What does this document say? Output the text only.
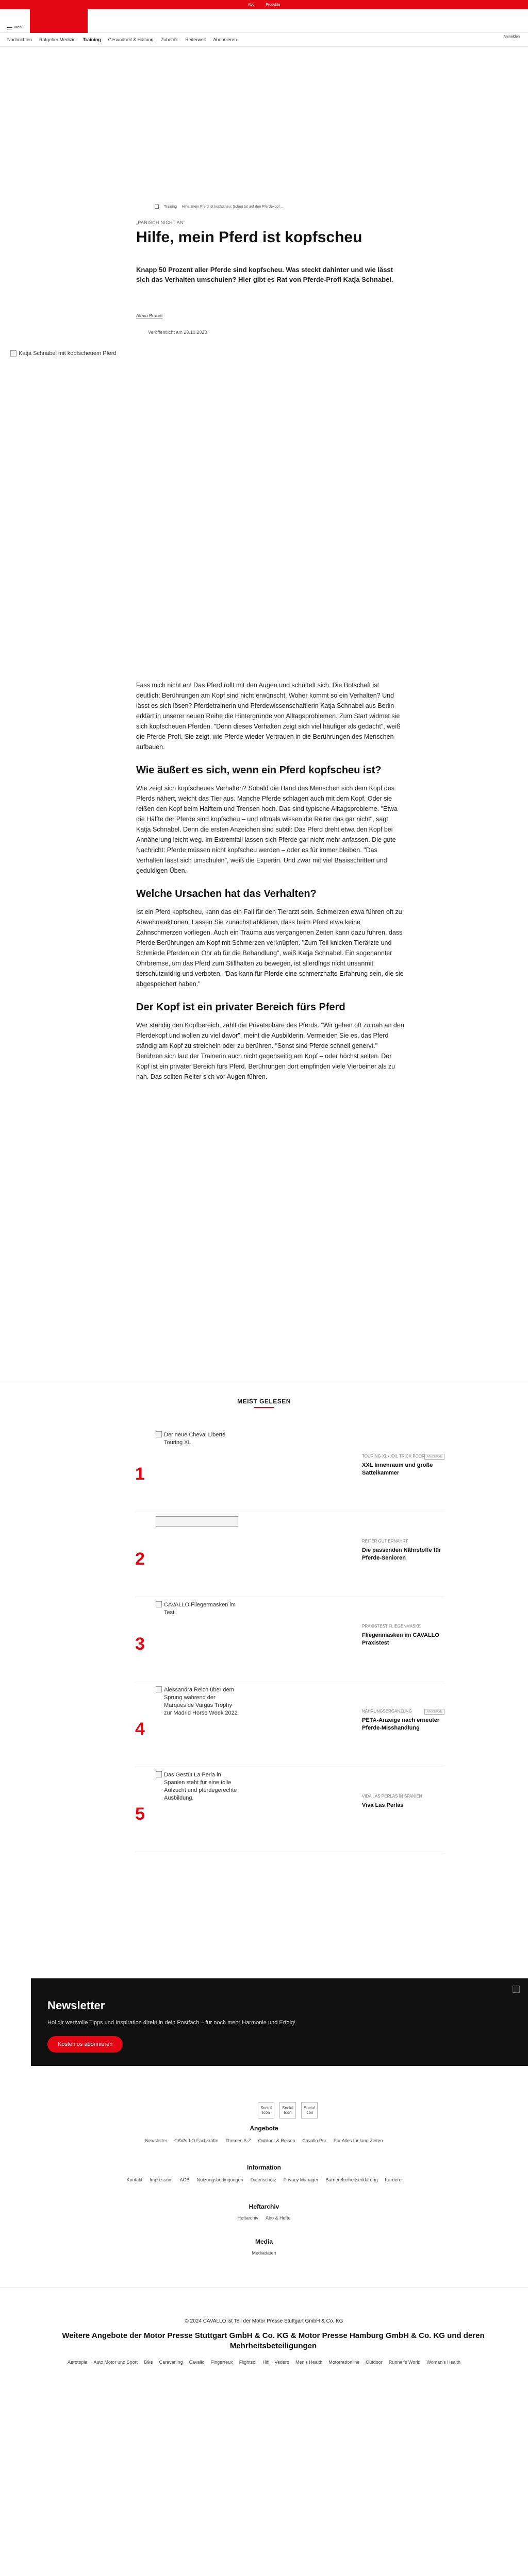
Abo	Produkte
Menü
CAVALLO
Anmelden
Nachrichten Ratgeber Medizin Training Gesundheit & Haltung Zubehör Reiterwelt Abonnieren
Training Hilfe, mein Pferd ist kopfscheu: Scheu tut auf den Pferdekopf ...
„PANISCH NICHT AN"
Hilfe, mein Pferd ist kopfscheu
Knapp 50 Prozent aller Pferde sind kopfscheu. Was steckt dahinter und wie lässt sich das Verhalten umschulen? Hier gibt es Rat von Pferde-Profi Katja Schnabel.
Alexa Brandt
Veröffentlicht am 20.10.2023
Katja Schnabel mit kopfscheuem Pferd

Fass mich nicht an! Das Pferd rollt mit den Augen und schüttelt sich. Die Botschaft ist deutlich: Berührungen am Kopf sind nicht erwünscht. Woher kommt so ein Verhalten? Und lässt es sich lösen? Pferdetrainerin und Pferdewissenschaftlerin Katja Schnabel aus Berlin erklärt in unserer neuen Reihe die Hintergründe von Alltagsproblemen. Zum Start widmet sie sich kopfscheuen Pferden. "Denn dieses Verhalten zeigt sich viel häufiger als gedacht", weiß die Pferde-Profi. Sie zeigt, wie Pferde wieder Vertrauen in die Berührungen des Menschen aufbauen.

Wie äußert es sich, wenn ein Pferd kopfscheu ist?

Wie zeigt sich kopfscheues Verhalten? Sobald die Hand des Menschen sich dem Kopf des Pferds nähert, weicht das Tier aus. Manche Pferde schlagen auch mit dem Kopf. Oder sie reißen den Kopf beim Halftern und Trensen hoch. Das sind typische Alltagsprobleme. "Etwa die Hälfte der Pferde sind kopfscheu – und oftmals wissen die Reiter das gar nicht", sagt Katja Schnabel. Denn die ersten Anzeichen sind subtil: Das Pferd dreht etwa den Kopf bei Annäherung leicht weg. Im Extremfall lassen sich Pferde gar nicht mehr anfassen. Die gute Nachricht: Pferde müssen nicht kopfscheu werden – oder es für immer bleiben. "Das Verhalten lässt sich umschulen", weiß die Expertin. Und zwar mit viel Basisschritten und geduldigen Üben.

Welche Ursachen hat das Verhalten?

Ist ein Pferd kopfscheu, kann das ein Fall für den Tierarzt sein. Schmerzen etwa führen oft zu Abwehrreaktionen. Lassen Sie zunächst abklären, dass beim Pferd etwa keine Zahnschmerzen vorliegen. Auch ein Trauma aus vergangenen Zeiten kann dazu führen, dass Pferde Berührungen am Kopf mit Schmerzen verknüpfen. "Zum Teil knicken Tierärzte und Schmiede Pferden ein Ohr ab für die Behandlung", weiß Katja Schnabel. Ein sogenannter Ohrbremse, um das Pferd zum Stillhalten zu bewegen, ist allerdings nicht unsanmit tierschutzwidrig und verboten. "Das kann für Pferde eine schmerzhafte Erfahrung sein, die sie abgespeichert haben."

Der Kopf ist ein privater Bereich fürs Pferd

Wer ständig den Kopfbereich, zählt die Privatsphäre des Pferds. "Wir gehen oft zu nah an den Pferdekopf und wollen zu viel davor", meint die Ausbilderin. Vermeiden Sie es, das Pferd ständig am Kopf zu streicheln oder zu berühren. "Sonst sind Pferde schnell genervt." Berühren sich laut der Trainerin auch nicht gegenseitig am Kopf – oder höchst selten. Der Kopf ist ein privater Bereich fürs Pferd. Berührungen dort empfinden viele Vierbeiner als zu nah. Das sollten Reiter sich vor Augen führen.

MEIST GELESEN
1
Der neue Cheval Liberté Touring XL
ANZEIGE
TOURING XL / XXL TRICK POOR
XXL Innenraum und große Sattelkammer
2
REITER GUT ERNÄHRT
Die passenden Nährstoffe für Pferde-Senioren
3
CAVALLO Fliegermasken im Test
PRAXISTEST FLIEGENMASKE
Fliegenmasken im CAVALLO Praxistest
4
Alessandra Reich über dem Sprung während der Marques de Vargas Trophy zur Madrid Horse Week 2022	ANZEIGE
NAHRUNGSERGÄNZUNG
PETA-Anzeige nach erneuter Pferde-Misshandlung
5
Das Gestüt La Perla in Spanien steht für eine tolle Aufzucht und pferdegerechte Ausbildung.	VIDA LAS PERLAS IN SPANIEN
Viva Las Perlas
Newsletter

Hol dir wertvolle Tipps und Inspiration direkt in dein Postfach – für noch mehr Harmonie und Erfolg!

Kostenlos abonnieren
Social Icon
Social Icon
Social Icon
Angebote
Newsletter CAVALLO Fachkräfte Themen A-Z Outdoor & Reisen Cavallo Pur Pur Alles für lang Zeiten
Information
Kontakt Impressum AGB Nutzungsbedingungen Datenschutz Privacy Manager Barrierefreiheitserklärung Karriere
Heftarchiv
Heftarchiv Abo & Hefte
Media
Mediadaten
© 2024 CAVALLO ist Teil der Motor Presse Stuttgart GmbH & Co. KG
Weitere Angebote der Motor Presse Stuttgart GmbH & Co. KG & Motor Presse Hamburg GmbH & Co. KG und deren Mehrheitsbeteiligungen
Aerotopia Auto Motor und Sport Bike Caravaning Cavallo Fingerreux Flightsol Hifi + Vedero Men's Health Motorradonline Outdoor Runner's World Woman's Health
